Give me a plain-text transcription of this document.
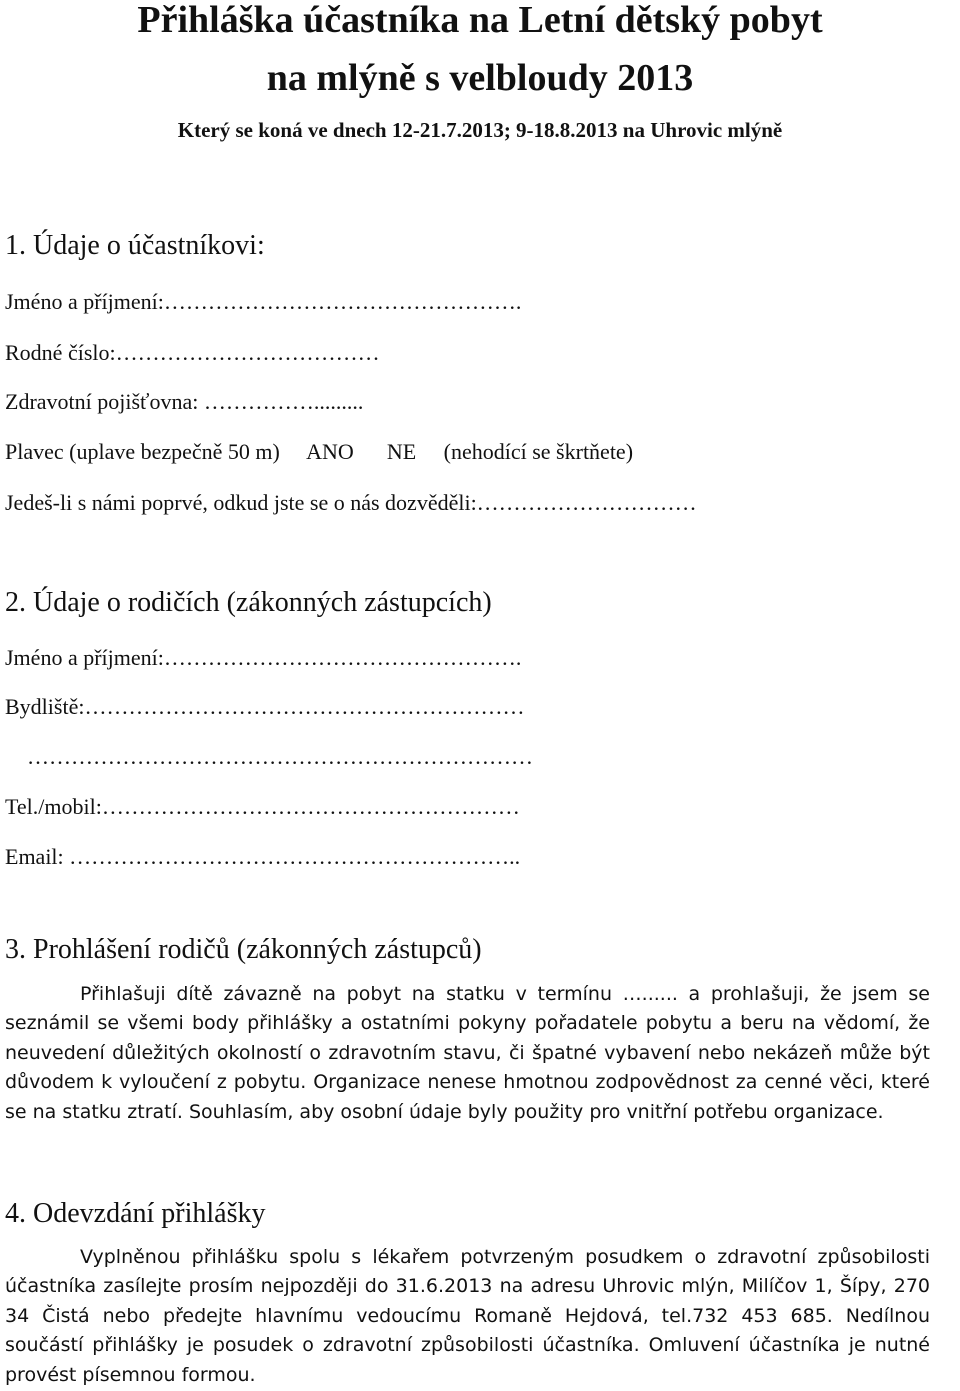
Přihláška účastníka na Letní dětský pobyt
na mlýně s velbloudy 2013
Který se koná ve dnech 12-21.7.2013; 9-18.8.2013 na Uhrovic mlýně
1. Údaje o účastníkovi:
Jméno a příjmení:………………………………………….
Rodné číslo:………………………………
Zdravotní pojišťovna: …………….........
Plavec (uplave bezpečně 50 m)     ANO      NE     (nehodící se škrtňete)
Jedeš-li s námi poprvé, odkud jste se o nás dozvěděli:…………………………
2. Údaje o rodičích (zákonných zástupcích)
Jméno a příjmení:………………………………………….
Bydliště:……………………………………………………
……………………………………………………………
Tel./mobil:…………………………………………………
Email: ……………………………………………………..
3. Prohlášení rodičů (zákonných zástupců)
Přihlašuji dítě závazně na pobyt na statku v termínu …...... a prohlašuji, že jsem se seznámil se všemi body přihlášky a ostatními pokyny pořadatele pobytu a beru na vědomí, že neuvedení důležitých okolností o zdravotním stavu, či špatné vybavení nebo nekázeň může být důvodem k vyloučení z pobytu. Organizace nenese hmotnou zodpovědnost za cenné věci, které se na statku ztratí. Souhlasím, aby osobní údaje byly použity pro vnitřní potřebu organizace.
4. Odevzdání přihlášky
Vyplněnou přihlášku spolu s lékařem potvrzeným posudkem o zdravotní způsobilosti účastníka zasílejte prosím nejpozději do 31.6.2013 na adresu Uhrovic mlýn, Milíčov 1, Šípy, 270 34 Čistá nebo předejte hlavnímu vedoucímu Romaně Hejdová, tel.732 453 685. Nedílnou součástí přihlášky je posudek o zdravotní způsobilosti účastníka. Omluvení účastníka je nutné provést písemnou formou.
